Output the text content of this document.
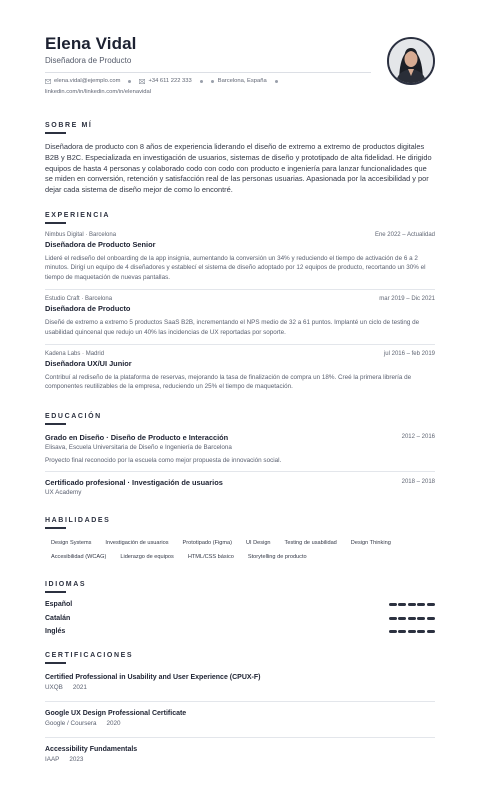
Elena Vidal
Diseñadora de Producto
elena.vidal@ejemplo.com	+34 611 222 333	Barcelona, España
linkedin.com/in/linkedin.com/in/elenavidal
SOBRE MÍ
Diseñadora de producto con 8 años de experiencia liderando el diseño de extremo a extremo de productos digitales B2B y B2C. Especializada en investigación de usuarios, sistemas de diseño y prototipado de alta fidelidad. He dirigido equipos de hasta 4 personas y colaborado codo con codo con producto e ingeniería para lanzar funcionalidades que se miden en conversión, retención y satisfacción real de las personas usuarias. Apasionada por la accesibilidad y por dejar cada sistema de diseño mejor de como lo encontré.
EXPERIENCIA
Nimbus Digital · Barcelona	Ene 2022 – Actualidad
Diseñadora de Producto Senior
Lideré el rediseño del onboarding de la app insignia, aumentando la conversión un 34% y reduciendo el tiempo de activación de 6 a 2 minutos. Dirigí un equipo de 4 diseñadores y establecí el sistema de diseño adoptado por 12 equipos de producto, recortando un 30% el tiempo de maquetación de nuevas pantallas.
Estudio Craft · Barcelona	mar 2019 – Dic 2021
Diseñadora de Producto
Diseñé de extremo a extremo 5 productos SaaS B2B, incrementando el NPS medio de 32 a 61 puntos. Implanté un ciclo de testing de usabilidad quincenal que redujo un 40% las incidencias de UX reportadas por soporte.
Kadena Labs · Madrid	jul 2016 – feb 2019
Diseñadora UX/UI Junior
Contribuí al rediseño de la plataforma de reservas, mejorando la tasa de finalización de compra un 18%. Creé la primera librería de componentes reutilizables de la empresa, reduciendo un 25% el tiempo de maquetación.
EDUCACIÓN
Grado en Diseño · Diseño de Producto e Interacción	2012 – 2016
Elisava, Escuela Universitaria de Diseño e Ingeniería de Barcelona
Proyecto final reconocido por la escuela como mejor propuesta de innovación social.
Certificado profesional · Investigación de usuarios	2018 – 2018
UX Academy
HABILIDADES
Design Systems	Investigación de usuarios	Prototipado (Figma)	UI Design	Testing de usabilidad	Design Thinking
Accesibilidad (WCAG)	Liderazgo de equipos	HTML/CSS básico	Storytelling de producto
IDIOMAS
Español
Catalán
Inglés
CERTIFICACIONES
Certified Professional in Usability and User Experience (CPUX-F)
UXQB 2021
Google UX Design Professional Certificate
Google / Coursera 2020
Accessibility Fundamentals
IAAP 2023
